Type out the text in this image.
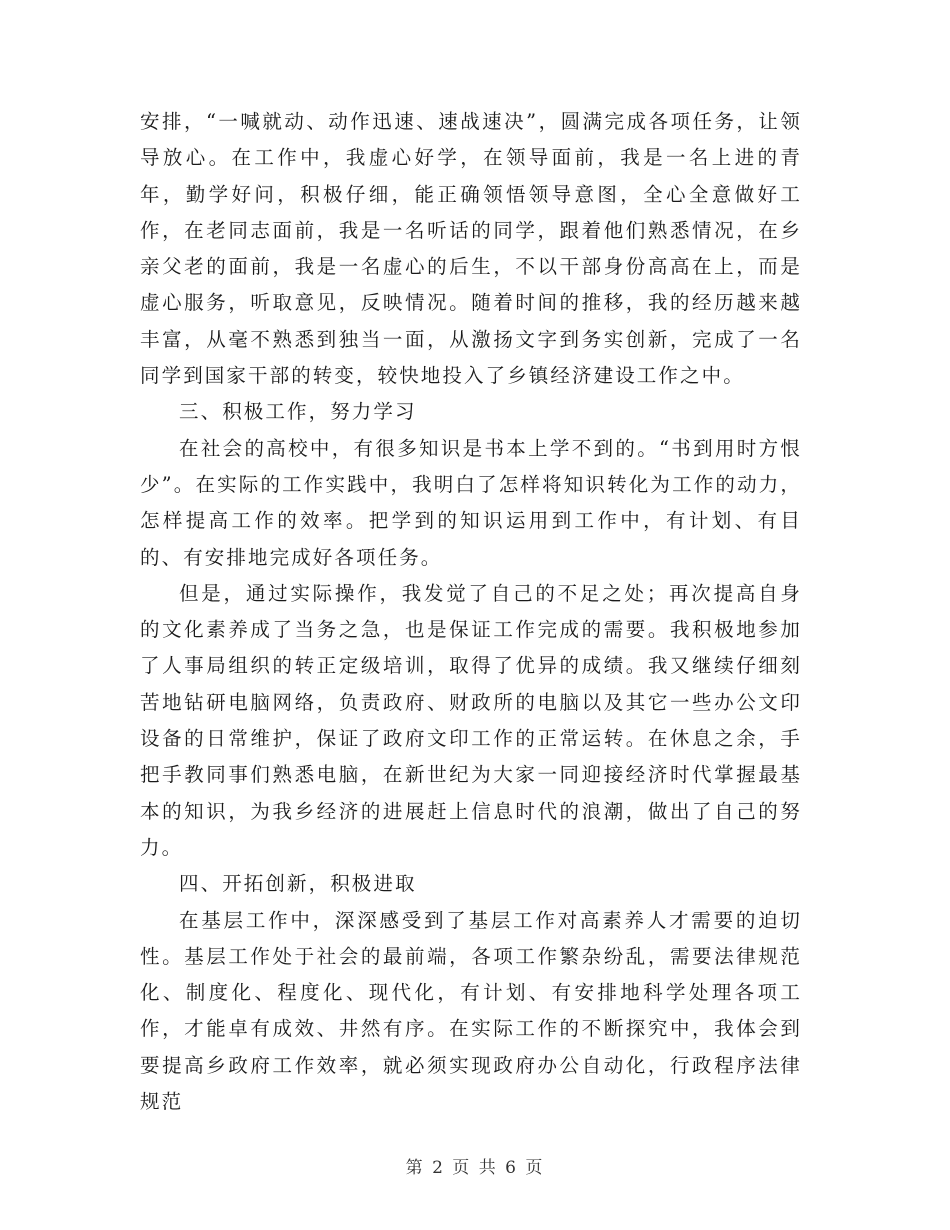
安排，“一喊就动、动作迅速、速战速决”，圆满完成各项任务，让领导放心。在工作中，我虚心好学，在领导面前，我是一名上进的青年，勤学好问，积极仔细，能正确领悟领导意图，全心全意做好工作，在老同志面前，我是一名听话的同学，跟着他们熟悉情况，在乡亲父老的面前，我是一名虚心的后生，不以干部身份高高在上，而是虚心服务，听取意见，反映情况。随着时间的推移，我的经历越来越丰富，从毫不熟悉到独当一面，从激扬文字到务实创新，完成了一名同学到国家干部的转变，较快地投入了乡镇经济建设工作之中。

三、积极工作，努力学习

在社会的高校中，有很多知识是书本上学不到的。“书到用时方恨少”。在实际的工作实践中，我明白了怎样将知识转化为工作的动力，怎样提高工作的效率。把学到的知识运用到工作中，有计划、有目的、有安排地完成好各项任务。

但是，通过实际操作，我发觉了自己的不足之处；再次提高自身的文化素养成了当务之急，也是保证工作完成的需要。我积极地参加了人事局组织的转正定级培训，取得了优异的成绩。我又继续仔细刻苦地钻研电脑网络，负责政府、财政所的电脑以及其它一些办公文印设备的日常维护，保证了政府文印工作的正常运转。在休息之余，手把手教同事们熟悉电脑，在新世纪为大家一同迎接经济时代掌握最基本的知识，为我乡经济的进展赶上信息时代的浪潮，做出了自己的努力。

四、开拓创新，积极进取

在基层工作中，深深感受到了基层工作对高素养人才需要的迫切性。基层工作处于社会的最前端，各项工作繁杂纷乱，需要法律规范化、制度化、程度化、现代化，有计划、有安排地科学处理各项工作，才能卓有成效、井然有序。在实际工作的不断探究中，我体会到要提高乡政府工作效率，就必须实现政府办公自动化，行政程序法律规范

第 2 页 共 6 页
